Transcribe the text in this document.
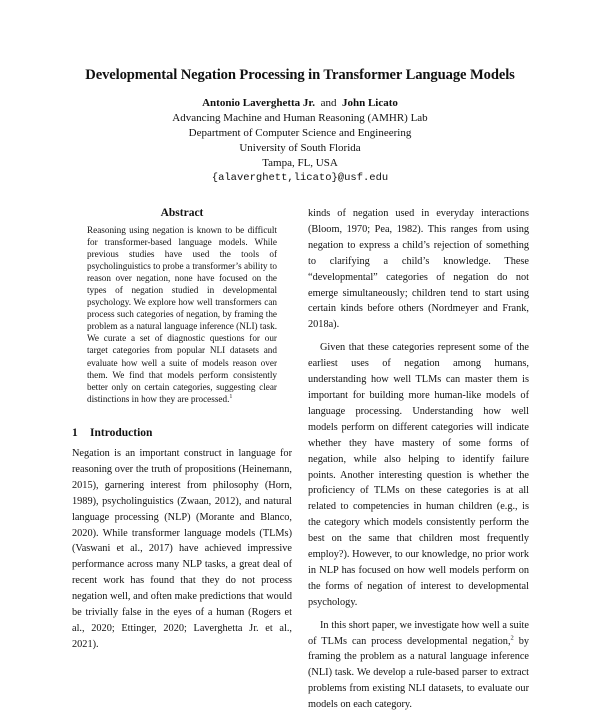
Developmental Negation Processing in Transformer Language Models
Antonio Laverghetta Jr. and John Licato
Advancing Machine and Human Reasoning (AMHR) Lab
Department of Computer Science and Engineering
University of South Florida
Tampa, FL, USA
{alaverghett,licato}@usf.edu
Abstract
Reasoning using negation is known to be difficult for transformer-based language models. While previous studies have used the tools of psycholinguistics to probe a transformer’s ability to reason over negation, none have focused on the types of negation studied in developmental psychology. We explore how well transformers can process such categories of negation, by framing the problem as a natural language inference (NLI) task. We curate a set of diagnostic questions for our target categories from popular NLI datasets and evaluate how well a suite of models reason over them. We find that models perform consistently better only on certain categories, suggesting clear distinctions in how they are processed.$^1$
1 Introduction
Negation is an important construct in language for reasoning over the truth of propositions (Heinemann, 2015), garnering interest from philosophy (Horn, 1989), psycholinguistics (Zwaan, 2012), and natural language processing (NLP) (Morante and Blanco, 2020). While transformer language models (TLMs) (Vaswani et al., 2017) have achieved impressive performance across many NLP tasks, a great deal of recent work has found that they do not process negation well, and often make predictions that would be trivially false in the eyes of a human (Rogers et al., 2020; Ettinger, 2020; Laverghetta Jr. et al., 2021).

kinds of negation used in everyday interactions (Bloom, 1970; Pea, 1982). This ranges from using negation to express a child’s rejection of something to clarifying a child’s knowledge. These “developmental” categories of negation do not emerge simultaneously; children tend to start using certain kinds before others (Nordmeyer and Frank, 2018a).

Given that these categories represent some of the earliest uses of negation among humans, understanding how well TLMs can master them is important for building more human-like models of language processing. Understanding how well models perform on different categories will indicate whether they have mastery of some forms of negation, while also helping to identify failure points. Another interesting question is whether the proficiency of TLMs on these categories is at all related to competencies in human children (e.g., is the category which models consistently perform the best on the same that children most frequently employ?). However, to our knowledge, no prior work in NLP has focused on how well models perform on the forms of negation of interest to developmental psychology.

In this short paper, we investigate how well a suite of TLMs can process developmental negation,$^2$ by framing the problem as a natural language inference (NLI) task. We develop a rule-based parser to extract problems from existing NLI datasets, to evaluate our models on each category.
